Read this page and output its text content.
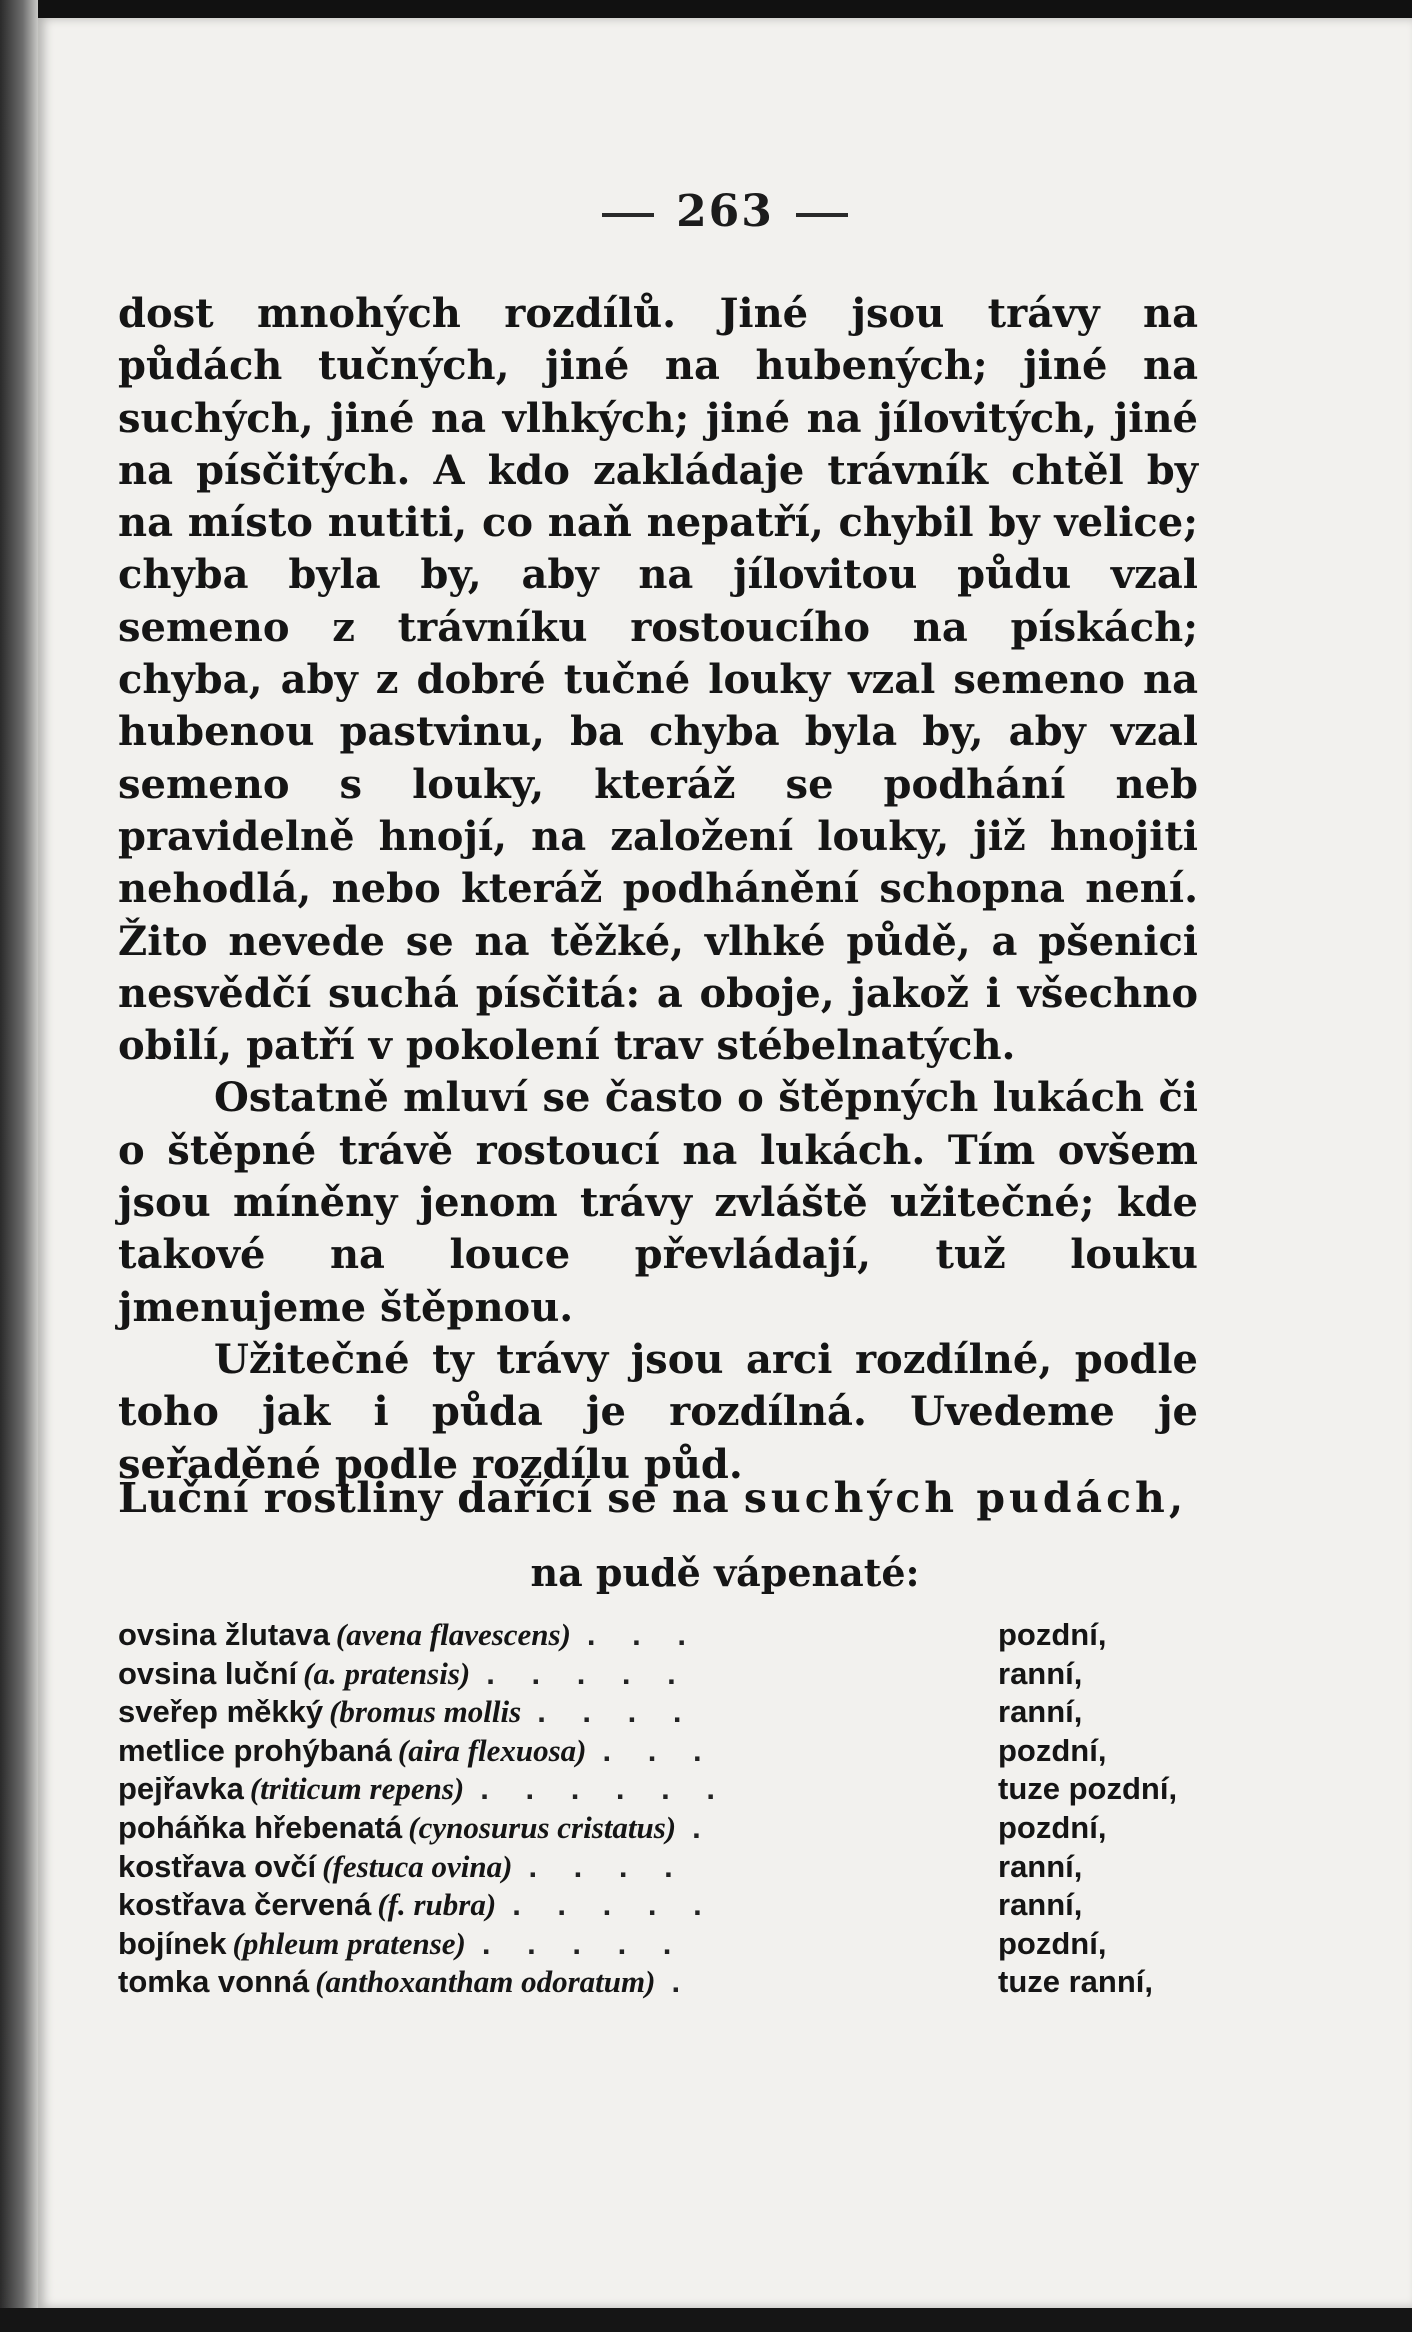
263

dost mnohých rozdílů. Jiné jsou trávy na půdách tučných, jiné na hubených; jiné na suchých, jiné na vlhkých; jiné na jílovitých, jiné na písčitých. A kdo zakládaje trávník chtěl by na místo nutiti, co naň nepatří, chybil by velice; chyba byla by, aby na jílovitou půdu vzal semeno z trávníku rostoucího na pískách; chyba, aby z dobré tučné louky vzal semeno na hubenou pastvinu, ba chyba byla by, aby vzal semeno s louky, kteráž se podhání neb pravidelně hnojí, na založení louky, již hnojiti nehodlá, nebo kteráž podhánění schopna není. Žito nevede se na těžké, vlhké půdě, a pšenici nesvědčí suchá písčitá: a oboje, jakož i všechno obilí, patří v pokolení trav stébelnatých.

Ostatně mluví se často o štěpných lukách či o štěpné trávě rostoucí na lukách. Tím ovšem jsou míněny jenom trávy zvláště užitečné; kde takové na louce převládají, tuž louku jmenujeme štěpnou.

Užitečné ty trávy jsou arci rozdílné, podle toho jak i půda je rozdílná. Uvedeme je seřaděné podle rozdílu půd.

Luční rostliny dařící se na suchých pudách,
na pudě vápenaté:
ovsina žlutava (avena flavescens) . . .	pozdní,
ovsina luční (a. pratensis) . . . . .	ranní,
sveřep měkký (bromus mollis . . . .	ranní,
metlice prohýbaná (aira flexuosa) . . .	pozdní,
pejřavka (triticum repens) . . . . . .	tuze pozdní,
poháňka hřebenatá (cynosurus cristatus) .	pozdní,
kostřava ovčí (festuca ovina) . . . .	ranní,
kostřava červená (f. rubra) . . . . .	ranní,
bojínek (phleum pratense) . . . . .	pozdní,
tomka vonná (anthoxantham odoratum) .	tuze ranní,
